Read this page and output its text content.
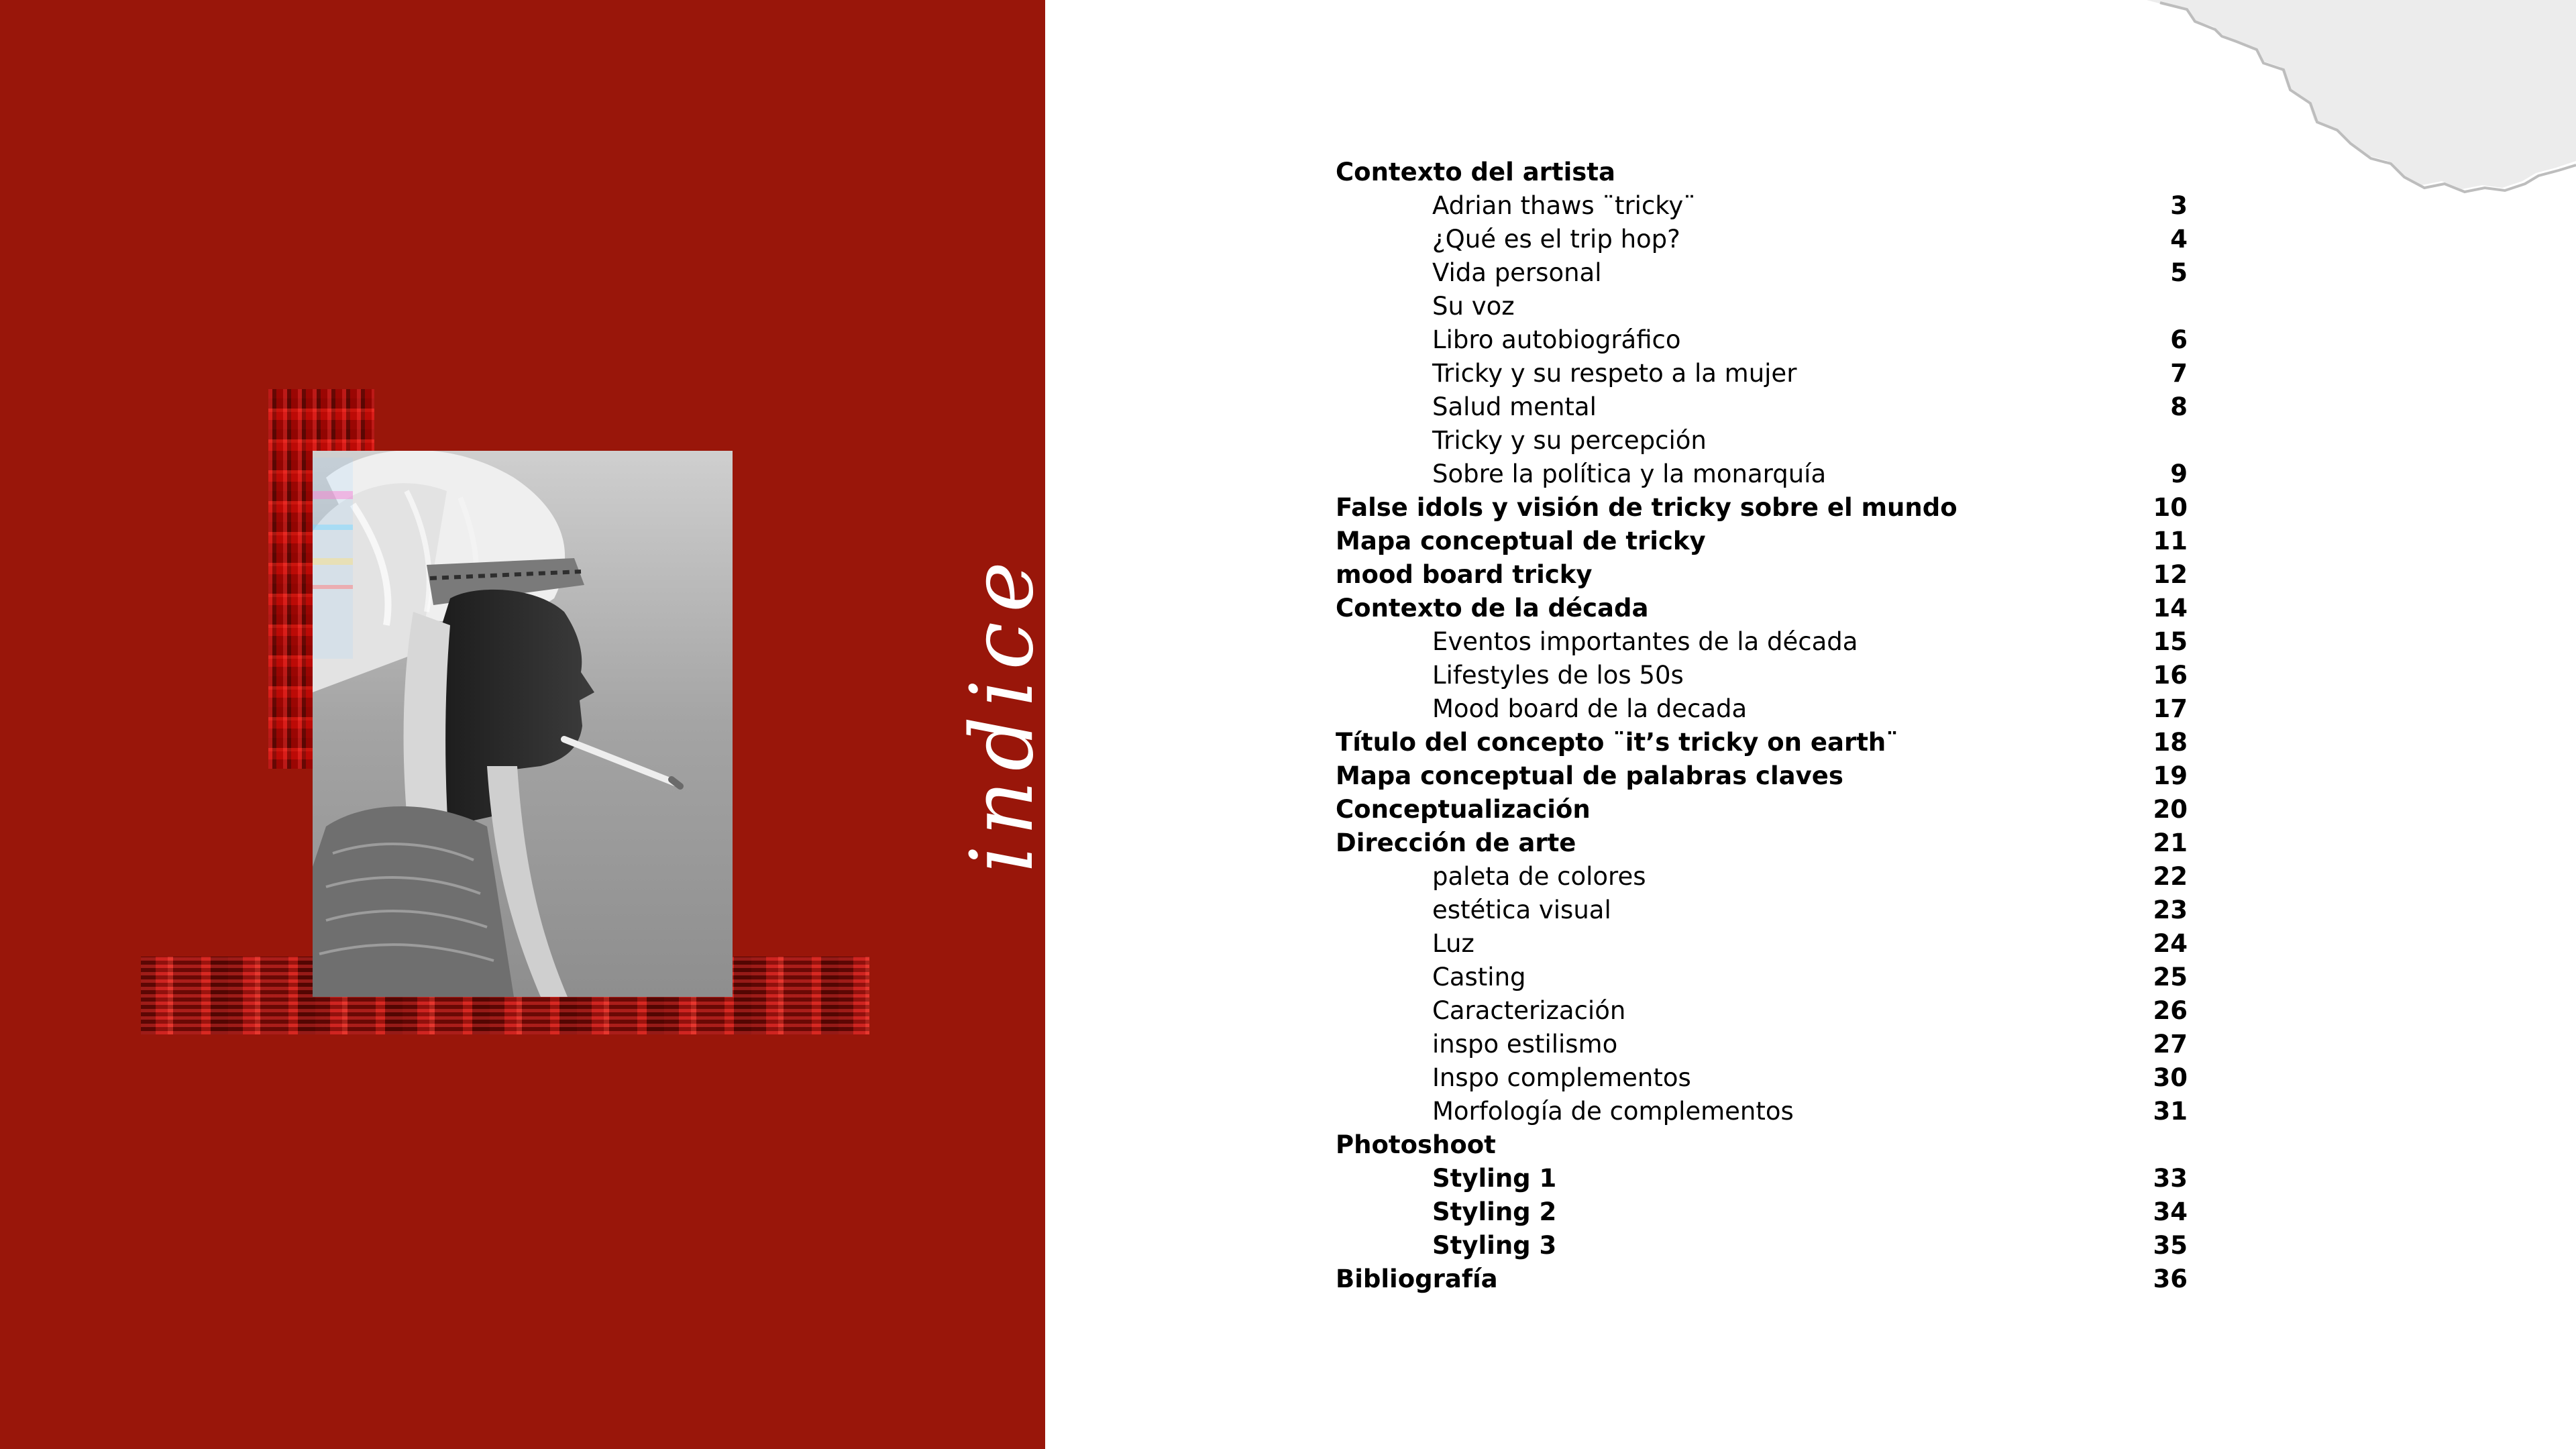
indice
Contexto del artista
Adrian thaws ¨tricky¨	3
¿Qué es el trip hop?	4
Vida personal	5
Su voz
Libro autobiográfico	6
Tricky y su respeto a la mujer	7
Salud mental	8
Tricky y su percepción
Sobre la política y la monarquía	9
False idols y visión de tricky sobre el mundo	10
Mapa conceptual de tricky	11
mood board tricky	12
Contexto de la década	14
Eventos importantes de la década	15
Lifestyles de los 50s	16
Mood board de la decada	17
Título del concepto ¨it’s tricky on earth¨	18
Mapa conceptual de palabras claves	19
Conceptualización	20
Dirección de arte	21
paleta de colores	22
estética visual	23
Luz	24
Casting	25
Caracterización	26
inspo estilismo	27
Inspo complementos	30
Morfología de complementos	31
Photoshoot
Styling 1	33
Styling 2	34
Styling 3	35
Bibliografía	36
